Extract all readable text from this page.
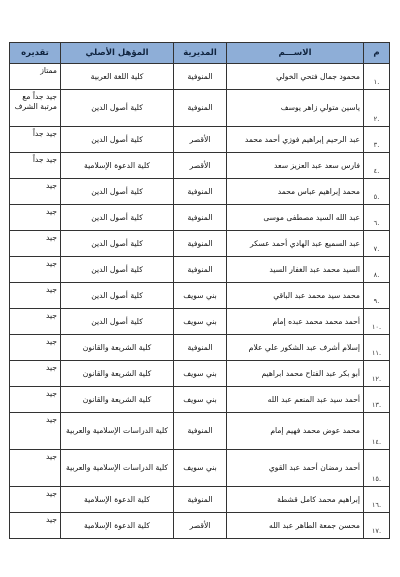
م	الاســـم	المديرية	المؤهل الأصلي	تقديره
.١	محمود جمال فتحي الخولي	المنوفية	كلية اللغة العربية	ممتاز
.٢	ياسين متولي زاهر يوسف	المنوفية	كلية أصول الدين	جيد جداً مع مرتبة الشرف
.٣	عبد الرحيم إبراهيم فوزي أحمد محمد	الأقصر	كلية أصول الدين	جيد جداً
.٤	فارس سعد عبد العزيز سعد	الأقصر	كلية الدعوة الإسلامية	جيد جداً
.٥	محمد إبراهيم عباس محمد	المنوفية	كلية أصول الدين	جيد
.٦	عبد الله السيد مصطفى موسى	المنوفية	كلية أصول الدين	جيد
.٧	عبد السميع عبد الهادي أحمد عسكر	المنوفية	كلية أصول الدين	جيد
.٨	السيد محمد عبد الغفار السيد	المنوفية	كلية أصول الدين	جيد
.٩	محمد سيد محمد عبد الباقي	بني سويف	كلية أصول الدين	جيد
.١٠	أحمد محمد محمد عبده إمام	بني سويف	كلية أصول الدين	جيد
.١١	إسلام أشرف عبد الشكور علي علام	المنوفية	كلية الشريعة والقانون	جيد
.١٢	أبو بكر عبد الفتاح محمد ابراهيم	بني سويف	كلية الشريعة والقانون	جيد
.١٣	أحمد سيد عبد المنعم عبد الله	بني سويف	كلية الشريعة والقانون	جيد
.١٤	محمد عوض محمد فهيم إمام	المنوفية	كلية الدراسات الإسلامية والعربية	جيد
.١٥	أحمد رمضان أحمد عبد القوي	بني سويف	كلية الدراسات الإسلامية والعربية	جيد
.١٦	إبراهيم محمد كامل قشطة	المنوفية	كلية الدعوة الإسلامية	جيد
.١٧	محسن جمعة الطاهر عبد الله	الأقصر	كلية الدعوة الإسلامية	جيد
